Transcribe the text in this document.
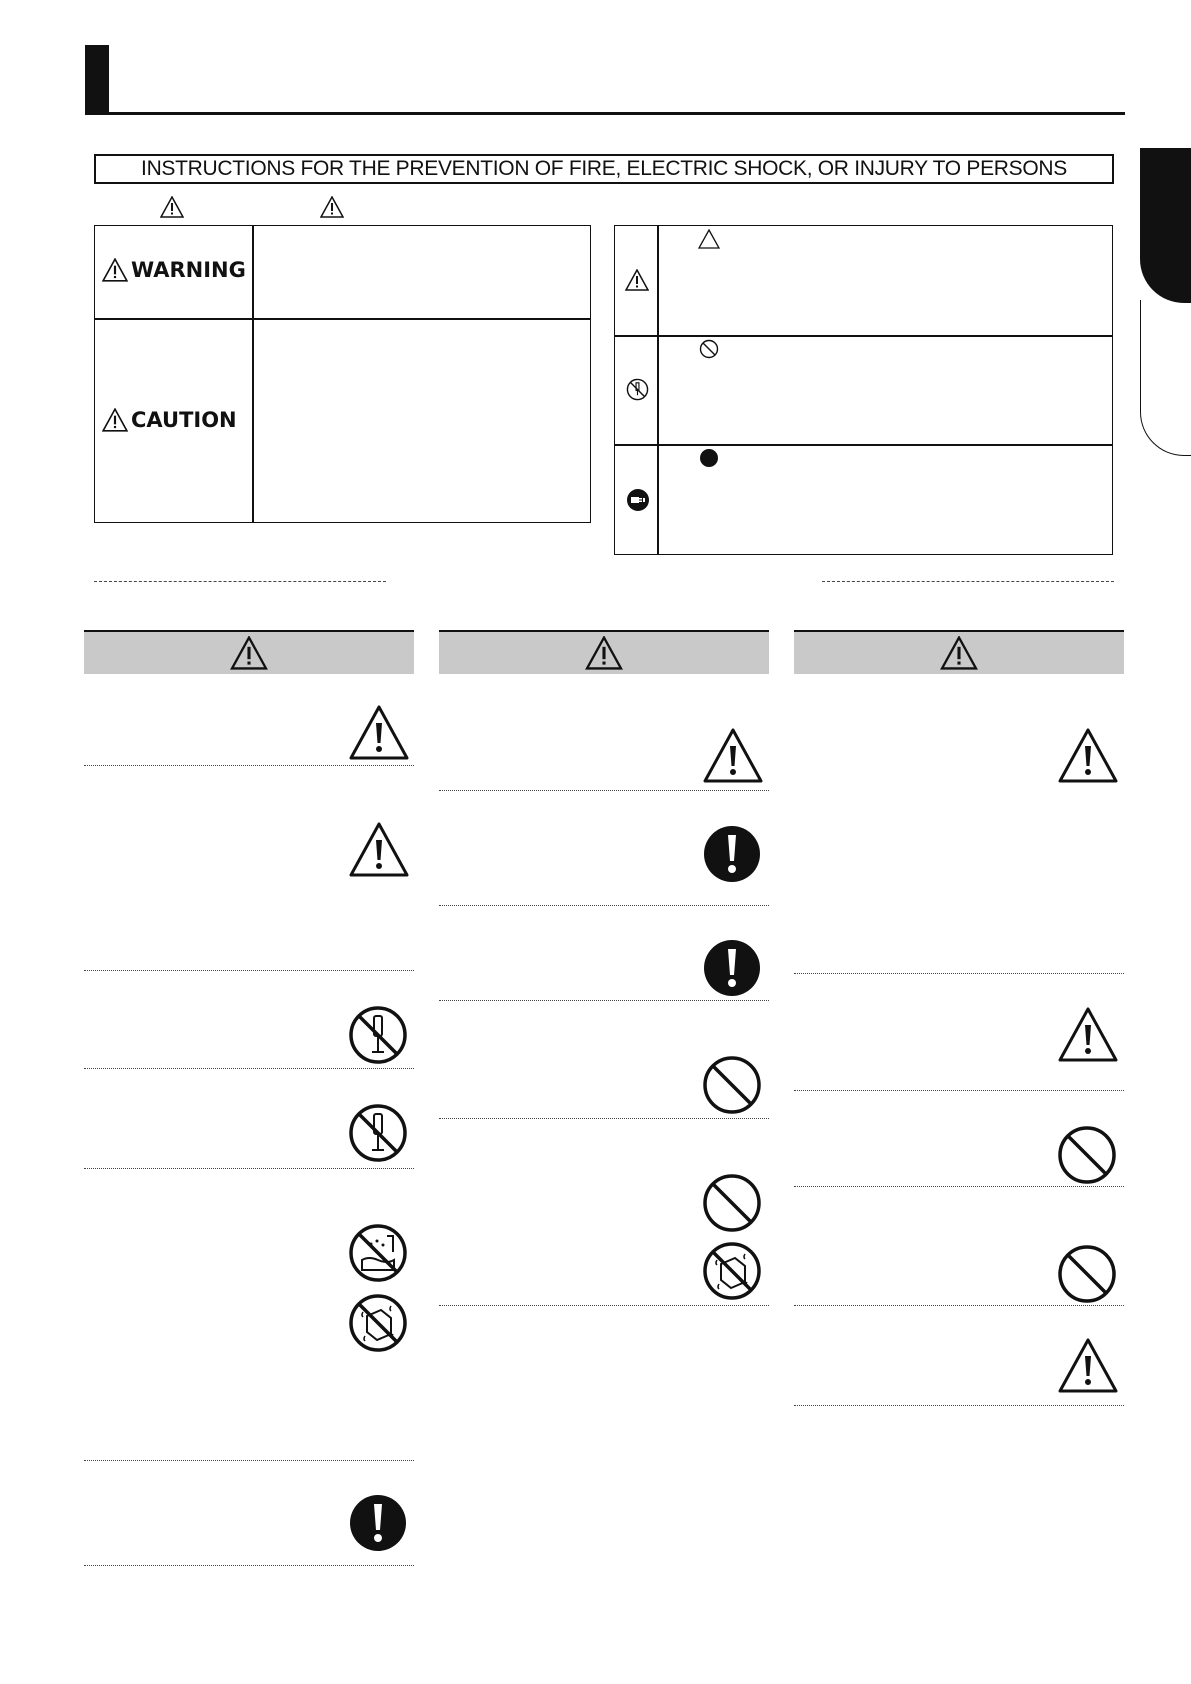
INSTRUCTIONS FOR THE PREVENTION OF FIRE, ELECTRIC SHOCK, OR INJURY TO PERSONS
WARNING
CAUTION
